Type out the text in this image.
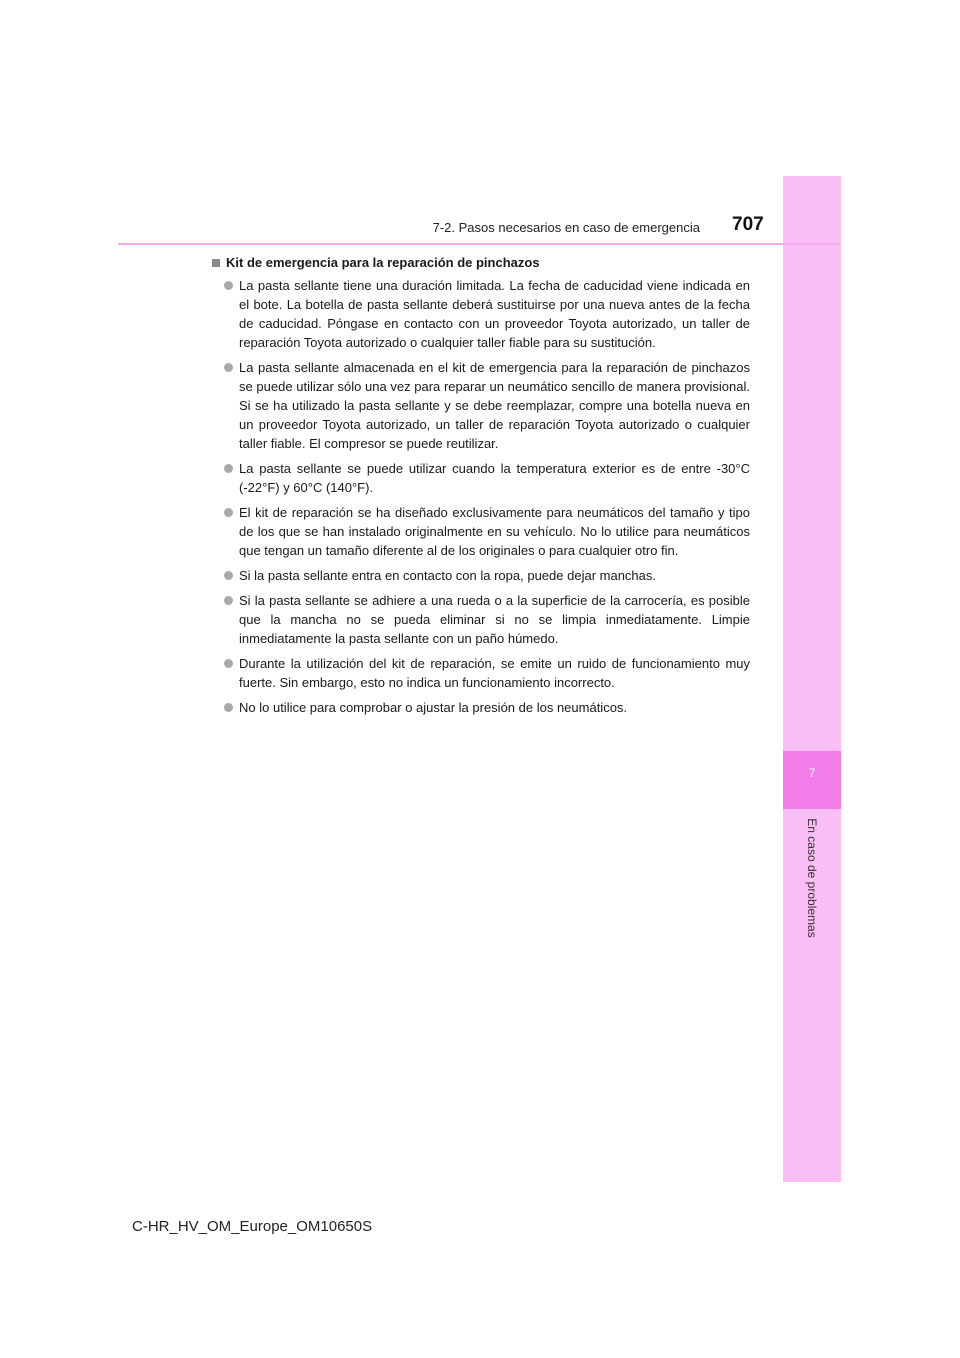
7
En caso de problemas
7-2. Pasos necesarios en caso de emergencia 707
Kit de emergencia para la reparación de pinchazos
La pasta sellante tiene una duración limitada. La fecha de caducidad viene indicada en el bote. La botella de pasta sellante deberá sustituirse por una nueva antes de la fecha de caducidad. Póngase en contacto con un proveedor Toyota autorizado, un taller de reparación Toyota autorizado o cualquier taller fiable para su sustitución.
La pasta sellante almacenada en el kit de emergencia para la reparación de pinchazos se puede utilizar sólo una vez para reparar un neumático sencillo de manera provisional. Si se ha utilizado la pasta sellante y se debe reemplazar, compre una botella nueva en un proveedor Toyota autorizado, un taller de reparación Toyota autorizado o cualquier taller fiable. El compresor se puede reutilizar.
La pasta sellante se puede utilizar cuando la temperatura exterior es de entre -30°C (-22°F) y 60°C (140°F).
El kit de reparación se ha diseñado exclusivamente para neumáticos del tamaño y tipo de los que se han instalado originalmente en su vehículo. No lo utilice para neumáticos que tengan un tamaño diferente al de los originales o para cualquier otro fin.
Si la pasta sellante entra en contacto con la ropa, puede dejar manchas.
Si la pasta sellante se adhiere a una rueda o a la superficie de la carrocería, es posible que la mancha no se pueda eliminar si no se limpia inmediatamente. Limpie inmediatamente la pasta sellante con un paño húmedo.
Durante la utilización del kit de reparación, se emite un ruido de funcionamiento muy fuerte. Sin embargo, esto no indica un funcionamiento incorrecto.
No lo utilice para comprobar o ajustar la presión de los neumáticos.
C-HR_HV_OM_Europe_OM10650S
